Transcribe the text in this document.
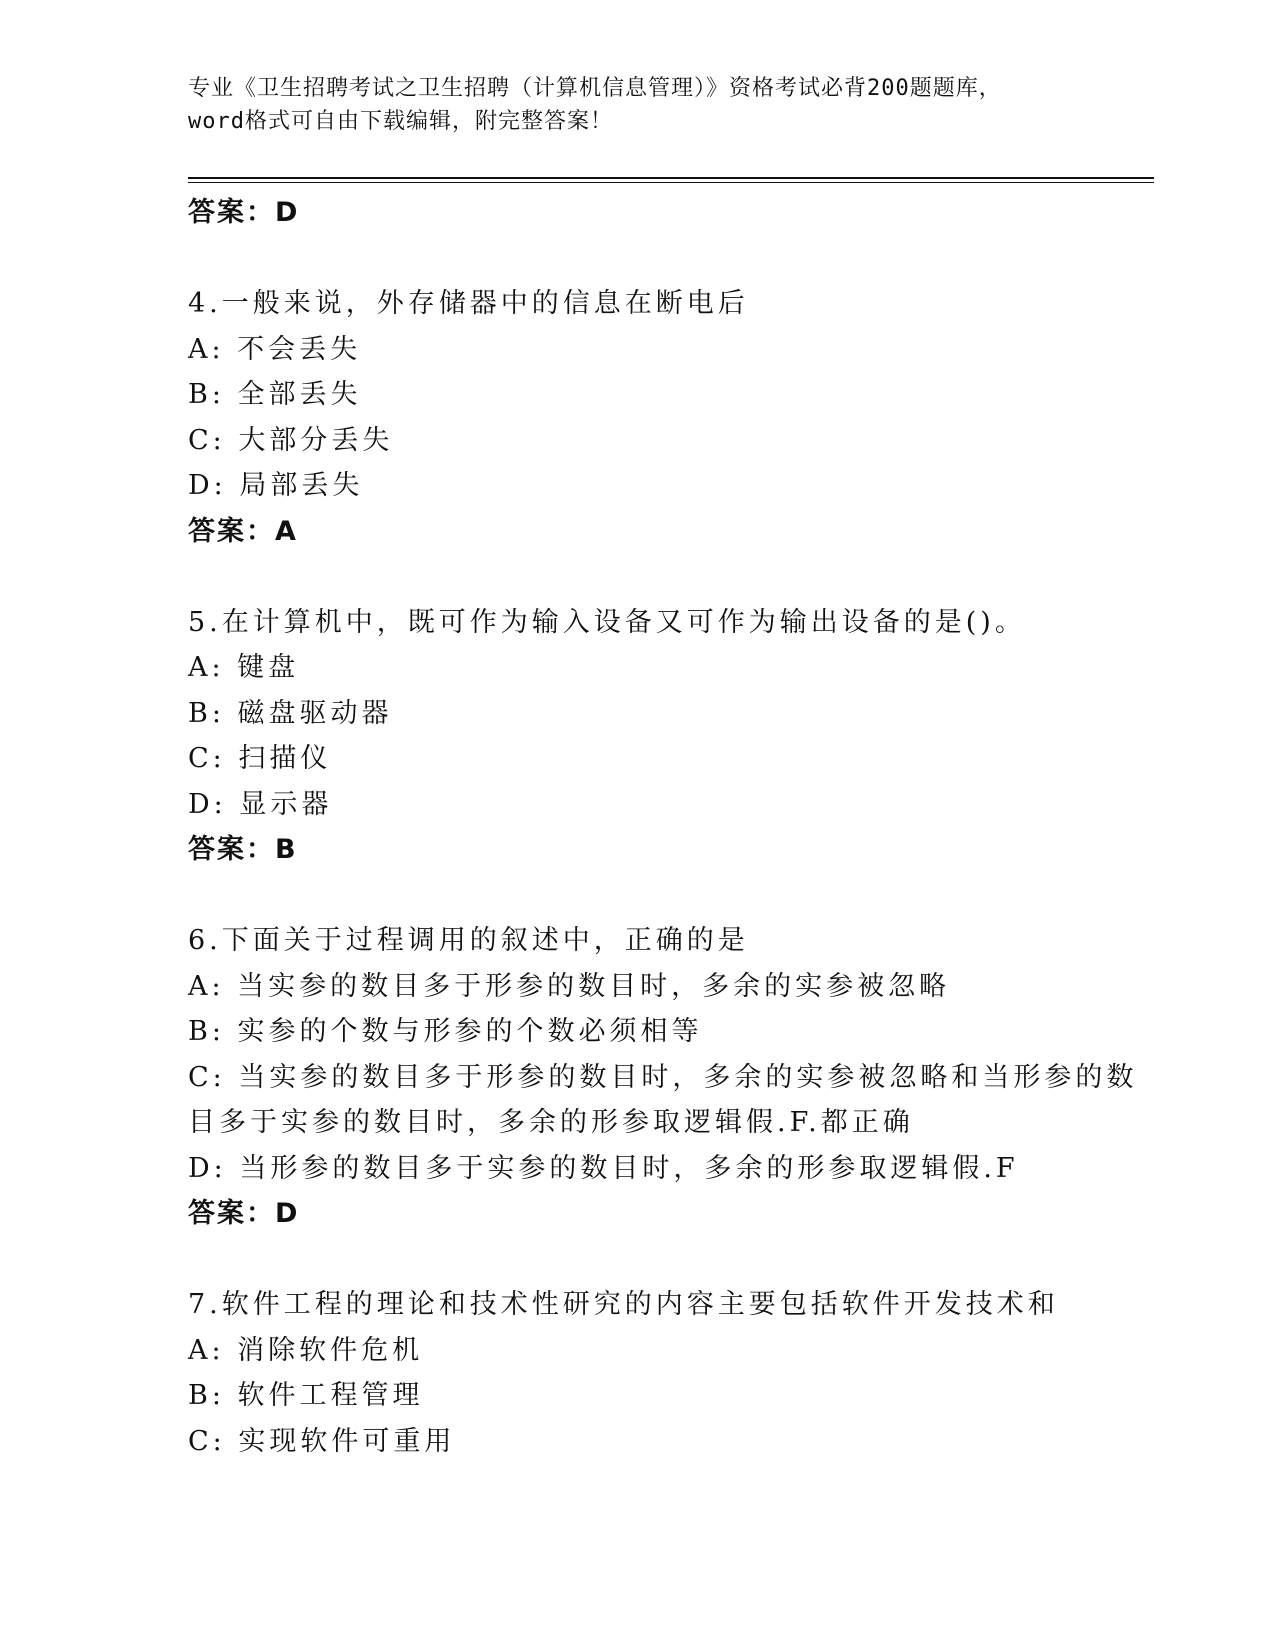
专业《卫生招聘考试之卫生招聘（计算机信息管理）》资格考试必背200题题库，
word格式可自由下载编辑，附完整答案！
答案：D
4.一般来说，外存储器中的信息在断电后
A: 不会丢失
B: 全部丢失
C: 大部分丢失
D: 局部丢失
答案：A
5.在计算机中，既可作为输入设备又可作为输出设备的是()。
A: 键盘
B: 磁盘驱动器
C: 扫描仪
D: 显示器
答案：B
6.下面关于过程调用的叙述中，正确的是
A: 当实参的数目多于形参的数目时，多余的实参被忽略
B: 实参的个数与形参的个数必须相等
C: 当实参的数目多于形参的数目时，多余的实参被忽略和当形参的数
目多于实参的数目时，多余的形参取逻辑假.F.都正确
D: 当形参的数目多于实参的数目时，多余的形参取逻辑假.F
答案：D
7.软件工程的理论和技术性研究的内容主要包括软件开发技术和
A: 消除软件危机
B: 软件工程管理
C: 实现软件可重用
